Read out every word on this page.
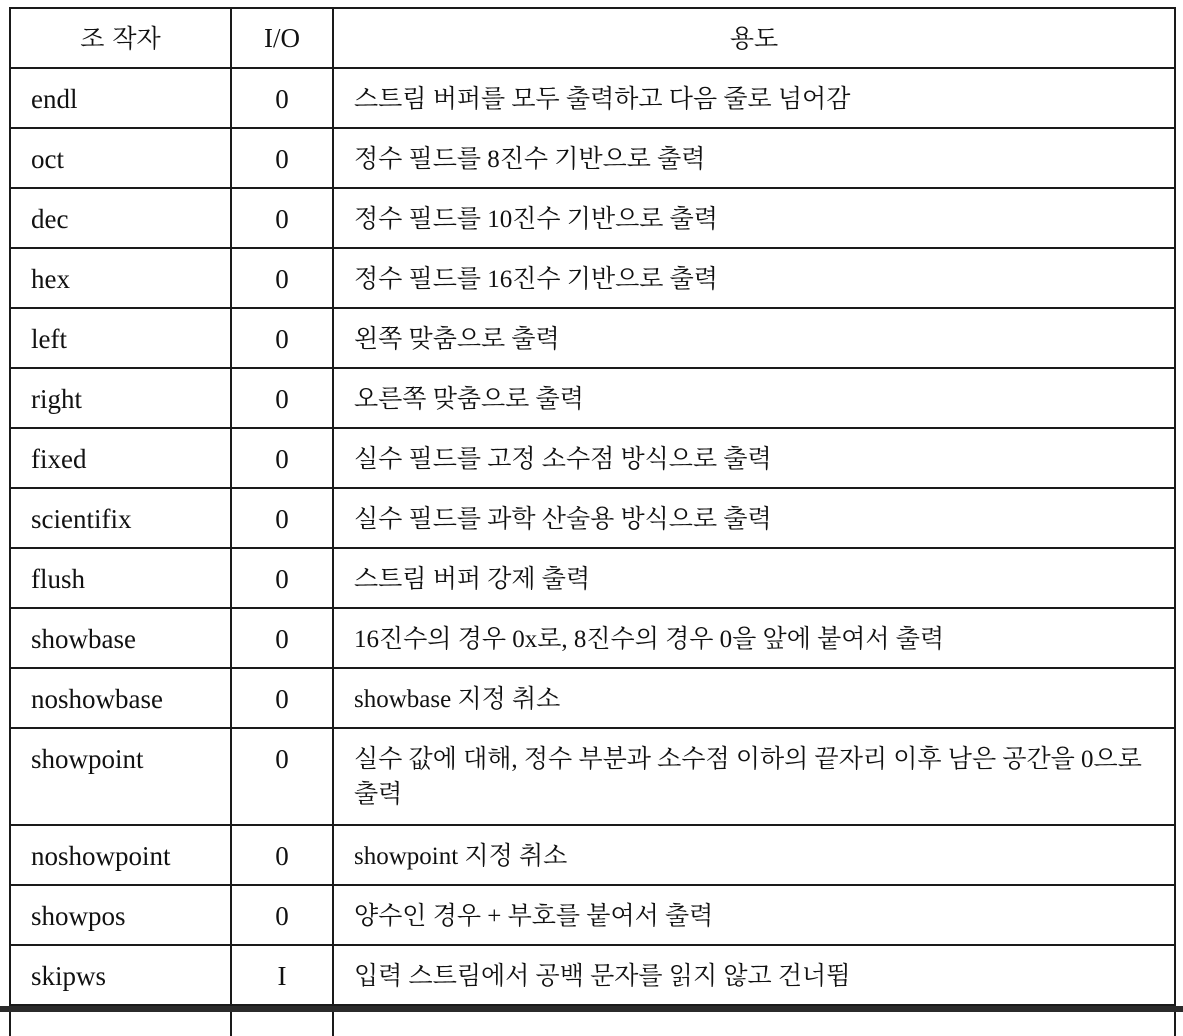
조 작자	I/O	용도

endl	0	스트림 버퍼를 모두 출력하고 다음 줄로 넘어감

oct	0	정수 필드를 8진수 기반으로 출력

dec	0	정수 필드를 10진수 기반으로 출력

hex	0	정수 필드를 16진수 기반으로 출력

left	0	왼쪽 맞춤으로 출력

right	0	오른쪽 맞춤으로 출력

fixed	0	실수 필드를 고정 소수점 방식으로 출력

scientifix	0	실수 필드를 과학 산술용 방식으로 출력

flush	0	스트림 버퍼 강제 출력

showbase	0	16진수의 경우 0x로, 8진수의 경우 0을 앞에 붙여서 출력

noshowbase	0	showbase 지정 취소

showpoint	0	실수 값에 대해, 정수 부분과 소수점 이하의 끝자리 이후 남은 공간을 0으로 출력

noshowpoint	0	showpoint 지정 취소

showpos	0	양수인 경우 + 부호를 붙여서 출력

skipws	I	입력 스트림에서 공백 문자를 읽지 않고 건너뜀
